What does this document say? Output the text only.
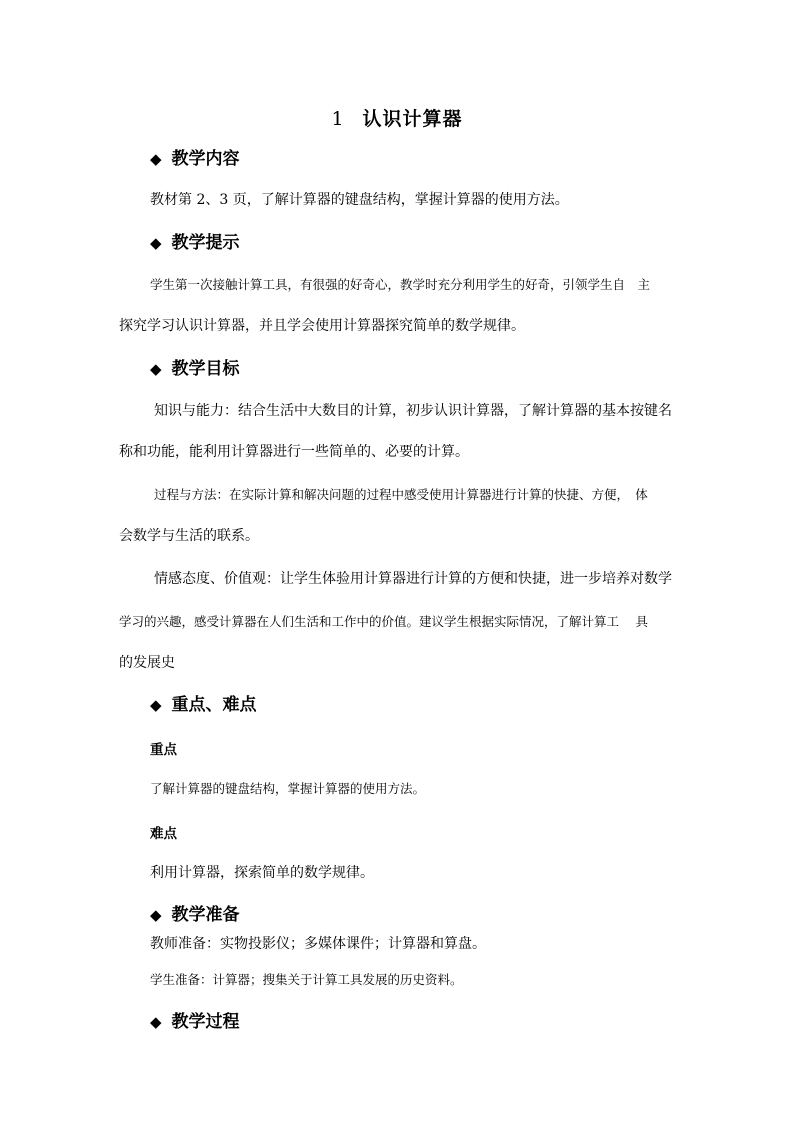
1 认识计算器
◆ 教学内容
教材第 2、3 页，了解计算器的键盘结构，掌握计算器的使用方法。
◆ 教学提示
学生第一次接触计算工具，有很强的好奇心，教学时充分利用学生的好奇，引领学生自　主
探究学习认识计算器，并且学会使用计算器探究简单的数学规律。
◆ 教学目标
知识与能力：结合生活中大数目的计算，初步认识计算器，了解计算器的基本按键名
称和功能，能利用计算器进行一些简单的、必要的计算。
过程与方法：在实际计算和解决问题的过程中感受使用计算器进行计算的快捷、方便，　体
会数学与生活的联系。
情感态度、价值观：让学生体验用计算器进行计算的方便和快捷，进一步培养对数学
学习的兴趣，感受计算器在人们生活和工作中的价值。建议学生根据实际情况，了解计算工　 具
的发展史
◆ 重点、难点
重点
了解计算器的键盘结构，掌握计算器的使用方法。
难点
利用计算器，探索简单的数学规律。
◆ 教学准备
教师准备：实物投影仪；多媒体课件；计算器和算盘。
学生准备：计算器；搜集关于计算工具发展的历史资料。
◆ 教学过程
